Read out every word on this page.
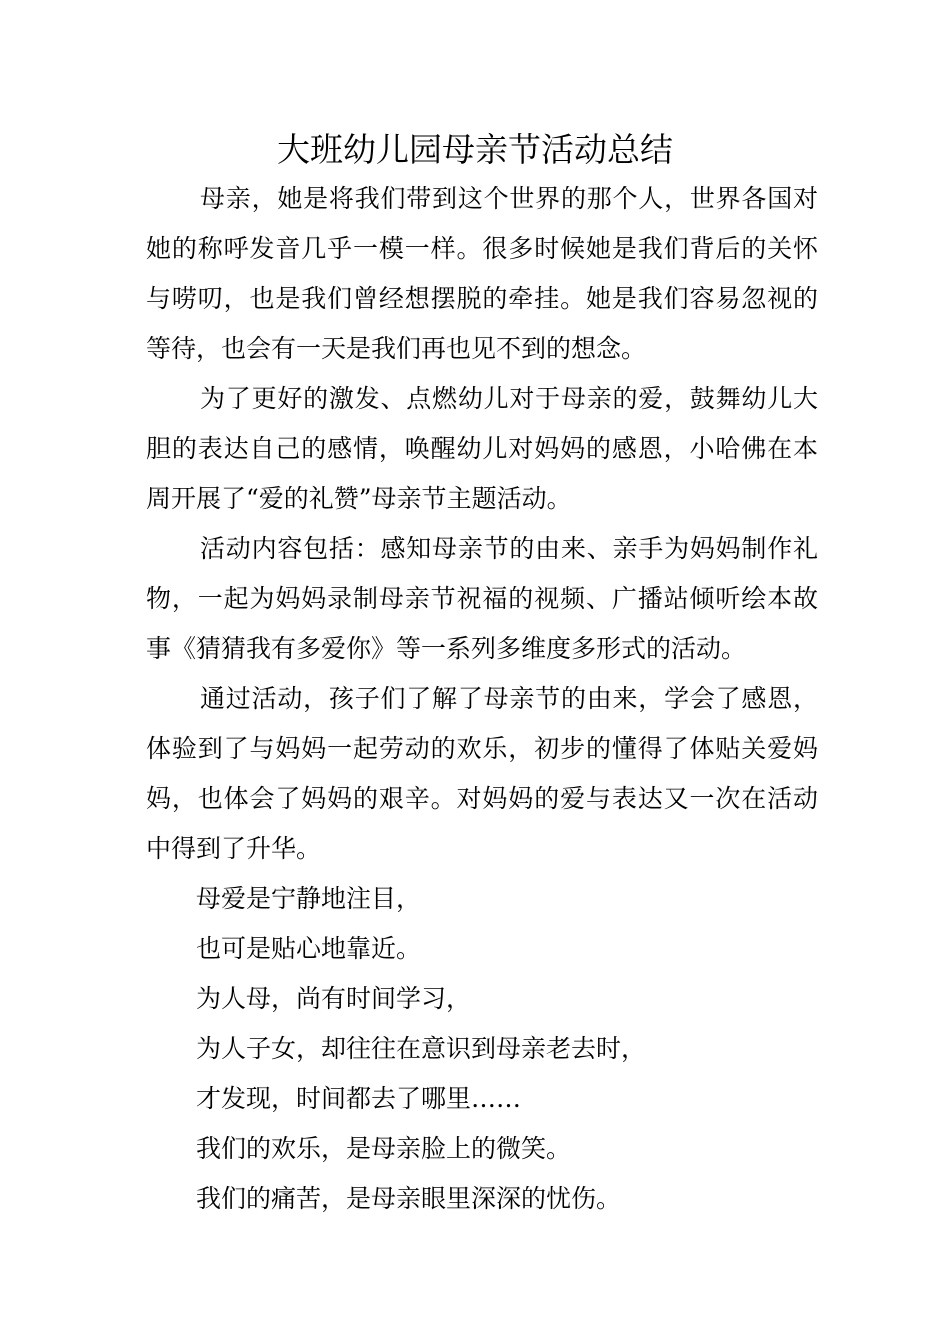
大班幼儿园母亲节活动总结

母亲，她是将我们带到这个世界的那个人，世界各国对她的称呼发音几乎一模一样。很多时候她是我们背后的关怀与唠叨，也是我们曾经想摆脱的牵挂。她是我们容易忽视的等待，也会有一天是我们再也见不到的想念。

为了更好的激发、点燃幼儿对于母亲的爱，鼓舞幼儿大胆的表达自己的感情，唤醒幼儿对妈妈的感恩，小哈佛在本周开展了“爱的礼赞”母亲节主题活动。

活动内容包括：感知母亲节的由来、亲手为妈妈制作礼物，一起为妈妈录制母亲节祝福的视频、广播站倾听绘本故事《猜猜我有多爱你》等一系列多维度多形式的活动。

通过活动，孩子们了解了母亲节的由来，学会了感恩，体验到了与妈妈一起劳动的欢乐，初步的懂得了体贴关爱妈妈，也体会了妈妈的艰辛。对妈妈的爱与表达又一次在活动中得到了升华。

母爱是宁静地注目，

也可是贴心地靠近。

为人母，尚有时间学习，

为人子女，却往往在意识到母亲老去时，

才发现，时间都去了哪里……

我们的欢乐，是母亲脸上的微笑。

我们的痛苦，是母亲眼里深深的忧伤。
